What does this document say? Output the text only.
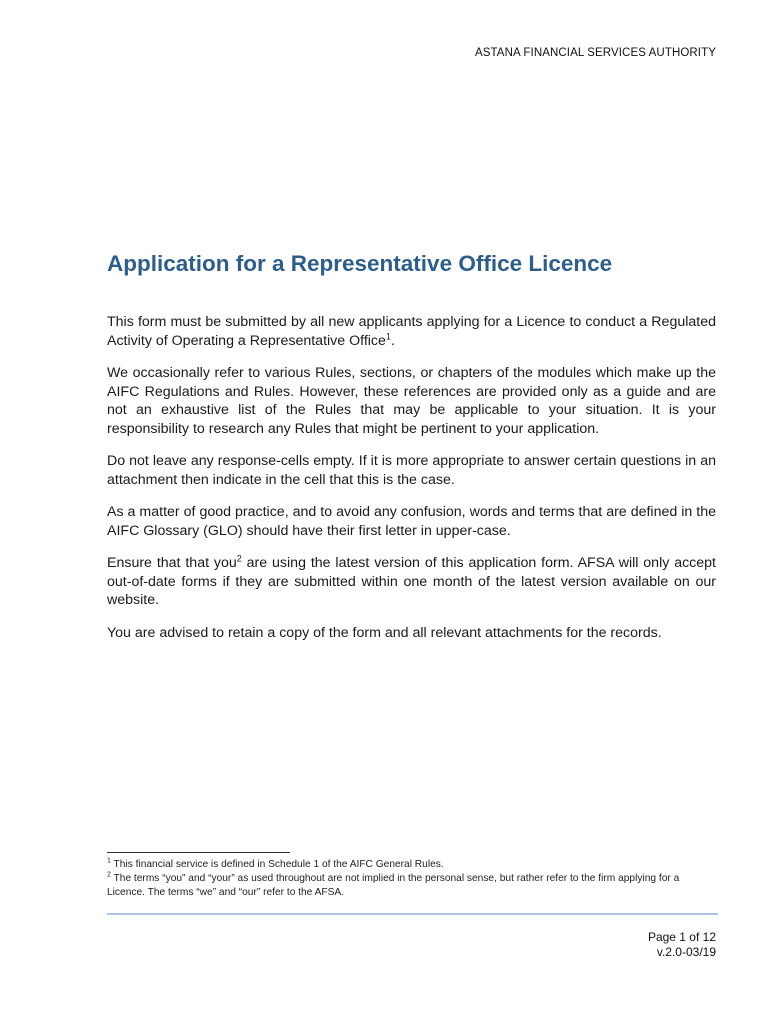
ASTANA FINANCIAL SERVICES AUTHORITY
Application for a Representative Office Licence

This form must be submitted by all new applicants applying for a Licence to conduct a Regulated Activity of Operating a Representative Office$^1$.

We occasionally refer to various Rules, sections, or chapters of the modules which make up the AIFC Regulations and Rules. However, these references are provided only as a guide and are not an exhaustive list of the Rules that may be applicable to your situation. It is your responsibility to research any Rules that might be pertinent to your application.

Do not leave any response-cells empty. If it is more appropriate to answer certain questions in an attachment then indicate in the cell that this is the case.

As a matter of good practice, and to avoid any confusion, words and terms that are defined in the AIFC Glossary (GLO) should have their first letter in upper-case.

Ensure that that you$^2$ are using the latest version of this application form. AFSA will only accept out-of-date forms if they are submitted within one month of the latest version available on our website.

You are advised to retain a copy of the form and all relevant attachments for the records.

$^1$ This financial service is defined in Schedule 1 of the AIFC General Rules.

$^2$ The terms “you” and “your” as used throughout are not implied in the personal sense, but rather refer to the firm applying for a Licence. The terms “we” and “our” refer to the AFSA.

Page 1 of 12
v.2.0-03/19
